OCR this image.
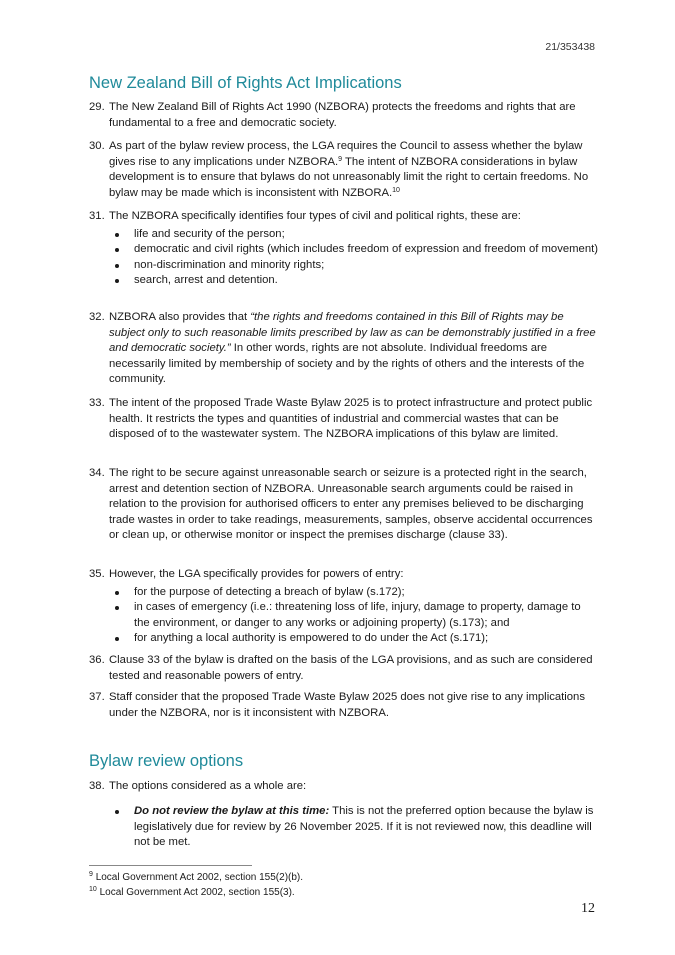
21/353438
New Zealand Bill of Rights Act Implications
29. The New Zealand Bill of Rights Act 1990 (NZBORA) protects the freedoms and rights that are fundamental to a free and democratic society.
30. As part of the bylaw review process, the LGA requires the Council to assess whether the bylaw gives rise to any implications under NZBORA.$^9$ The intent of NZBORA considerations in bylaw development is to ensure that bylaws do not unreasonably limit the right to certain freedoms. No bylaw may be made which is inconsistent with NZBORA.$^{10}$
31. The NZBORA specifically identifies four types of civil and political rights, these are:
life and security of the person;
democratic and civil rights (which includes freedom of expression and freedom of movement)
non-discrimination and minority rights;
search, arrest and detention.
32. NZBORA also provides that “the rights and freedoms contained in this Bill of Rights may be subject only to such reasonable limits prescribed by law as can be demonstrably justified in a free and democratic society.” In other words, rights are not absolute. Individual freedoms are necessarily limited by membership of society and by the rights of others and the interests of the community.
33. The intent of the proposed Trade Waste Bylaw 2025 is to protect infrastructure and protect public health. It restricts the types and quantities of industrial and commercial wastes that can be disposed of to the wastewater system. The NZBORA implications of this bylaw are limited.
34. The right to be secure against unreasonable search or seizure is a protected right in the search, arrest and detention section of NZBORA. Unreasonable search arguments could be raised in relation to the provision for authorised officers to enter any premises believed to be discharging trade wastes in order to take readings, measurements, samples, observe accidental occurrences or clean up, or otherwise monitor or inspect the premises discharge (clause 33).
35. However, the LGA specifically provides for powers of entry:
for the purpose of detecting a breach of bylaw (s.172);
in cases of emergency (i.e.: threatening loss of life, injury, damage to property, damage to the environment, or danger to any works or adjoining property) (s.173); and
for anything a local authority is empowered to do under the Act (s.171);
36. Clause 33 of the bylaw is drafted on the basis of the LGA provisions, and as such are considered tested and reasonable powers of entry.
37. Staff consider that the proposed Trade Waste Bylaw 2025 does not give rise to any implications under the NZBORA, nor is it inconsistent with NZBORA.
Bylaw review options
38. The options considered as a whole are:
Do not review the bylaw at this time: This is not the preferred option because the bylaw is legislatively due for review by 26 November 2025. If it is not reviewed now, this deadline will not be met.
$^9$ Local Government Act 2002, section 155(2)(b).
$^{10}$ Local Government Act 2002, section 155(3).
12
